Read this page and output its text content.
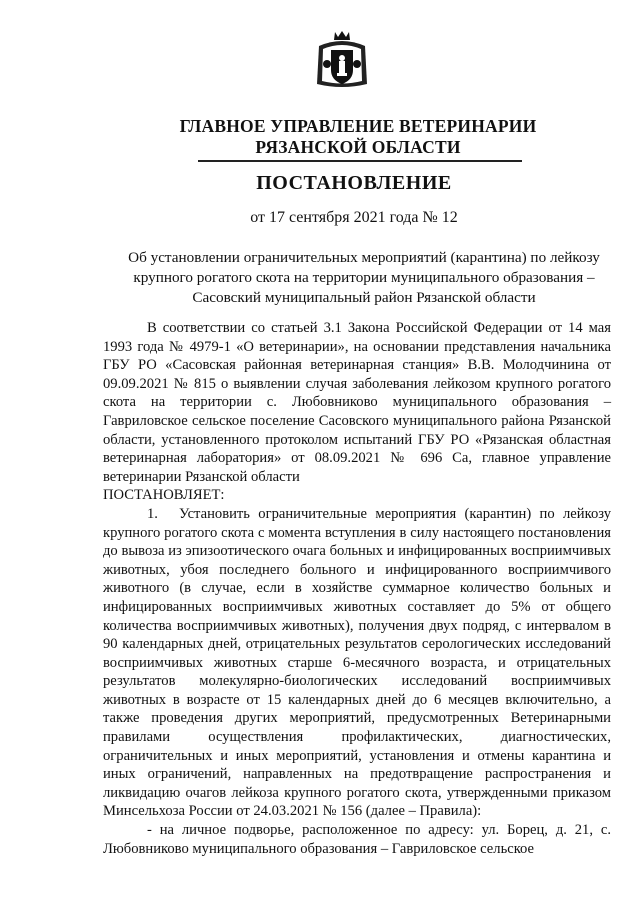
ГЛАВНОЕ УПРАВЛЕНИЕ ВЕТЕРИНАРИИ
РЯЗАНСКОЙ ОБЛАСТИ
ПОСТАНОВЛЕНИЕ
от 17 сентября 2021 года № 12
Об установлении ограничительных мероприятий (карантина) по лейкозу крупного рогатого скота на территории муниципального образования – Сасовский муниципальный район Рязанской области

В соответствии со статьей 3.1 Закона Российской Федерации от 14 мая 1993 года № 4979-1 «О ветеринарии», на основании представления начальника ГБУ РО «Сасовская районная ветеринарная станция» В.В. Молодчинина от 09.09.2021 № 815 о выявлении случая заболевания лейкозом крупного рогатого скота на территории с. Любовниково муниципального образования – Гавриловское сельское поселение Сасовского муниципального района Рязанской области, установленного протоколом испытаний ГБУ РО «Рязанская областная ветеринарная лаборатория» от 08.09.2021 № 696 Са, главное управление ветеринарии Рязанской области

ПОСТАНОВЛЯЕТ:

1. Установить ограничительные мероприятия (карантин) по лейкозу крупного рогатого скота с момента вступления в силу настоящего постановления до вывоза из эпизоотического очага больных и инфицированных восприимчивых животных, убоя последнего больного и инфицированного восприимчивого животного (в случае, если в хозяйстве суммарное количество больных и инфицированных восприимчивых животных составляет до 5% от общего количества восприимчивых животных), получения двух подряд, с интервалом в 90 календарных дней, отрицательных результатов серологических исследований восприимчивых животных старше 6-месячного возраста, и отрицательных результатов молекулярно-биологических исследований восприимчивых животных в возрасте от 15 календарных дней до 6 месяцев включительно, а также проведения других мероприятий, предусмотренных Ветеринарными правилами осуществления профилактических, диагностических, ограничительных и иных мероприятий, установления и отмены карантина и иных ограничений, направленных на предотвращение распространения и ликвидацию очагов лейкоза крупного рогатого скота, утвержденными приказом Минсельхоза России от 24.03.2021 № 156 (далее – Правила):

- на личное подворье, расположенное по адресу: ул. Борец, д. 21, с. Любовниково муниципального образования – Гавриловское сельское
